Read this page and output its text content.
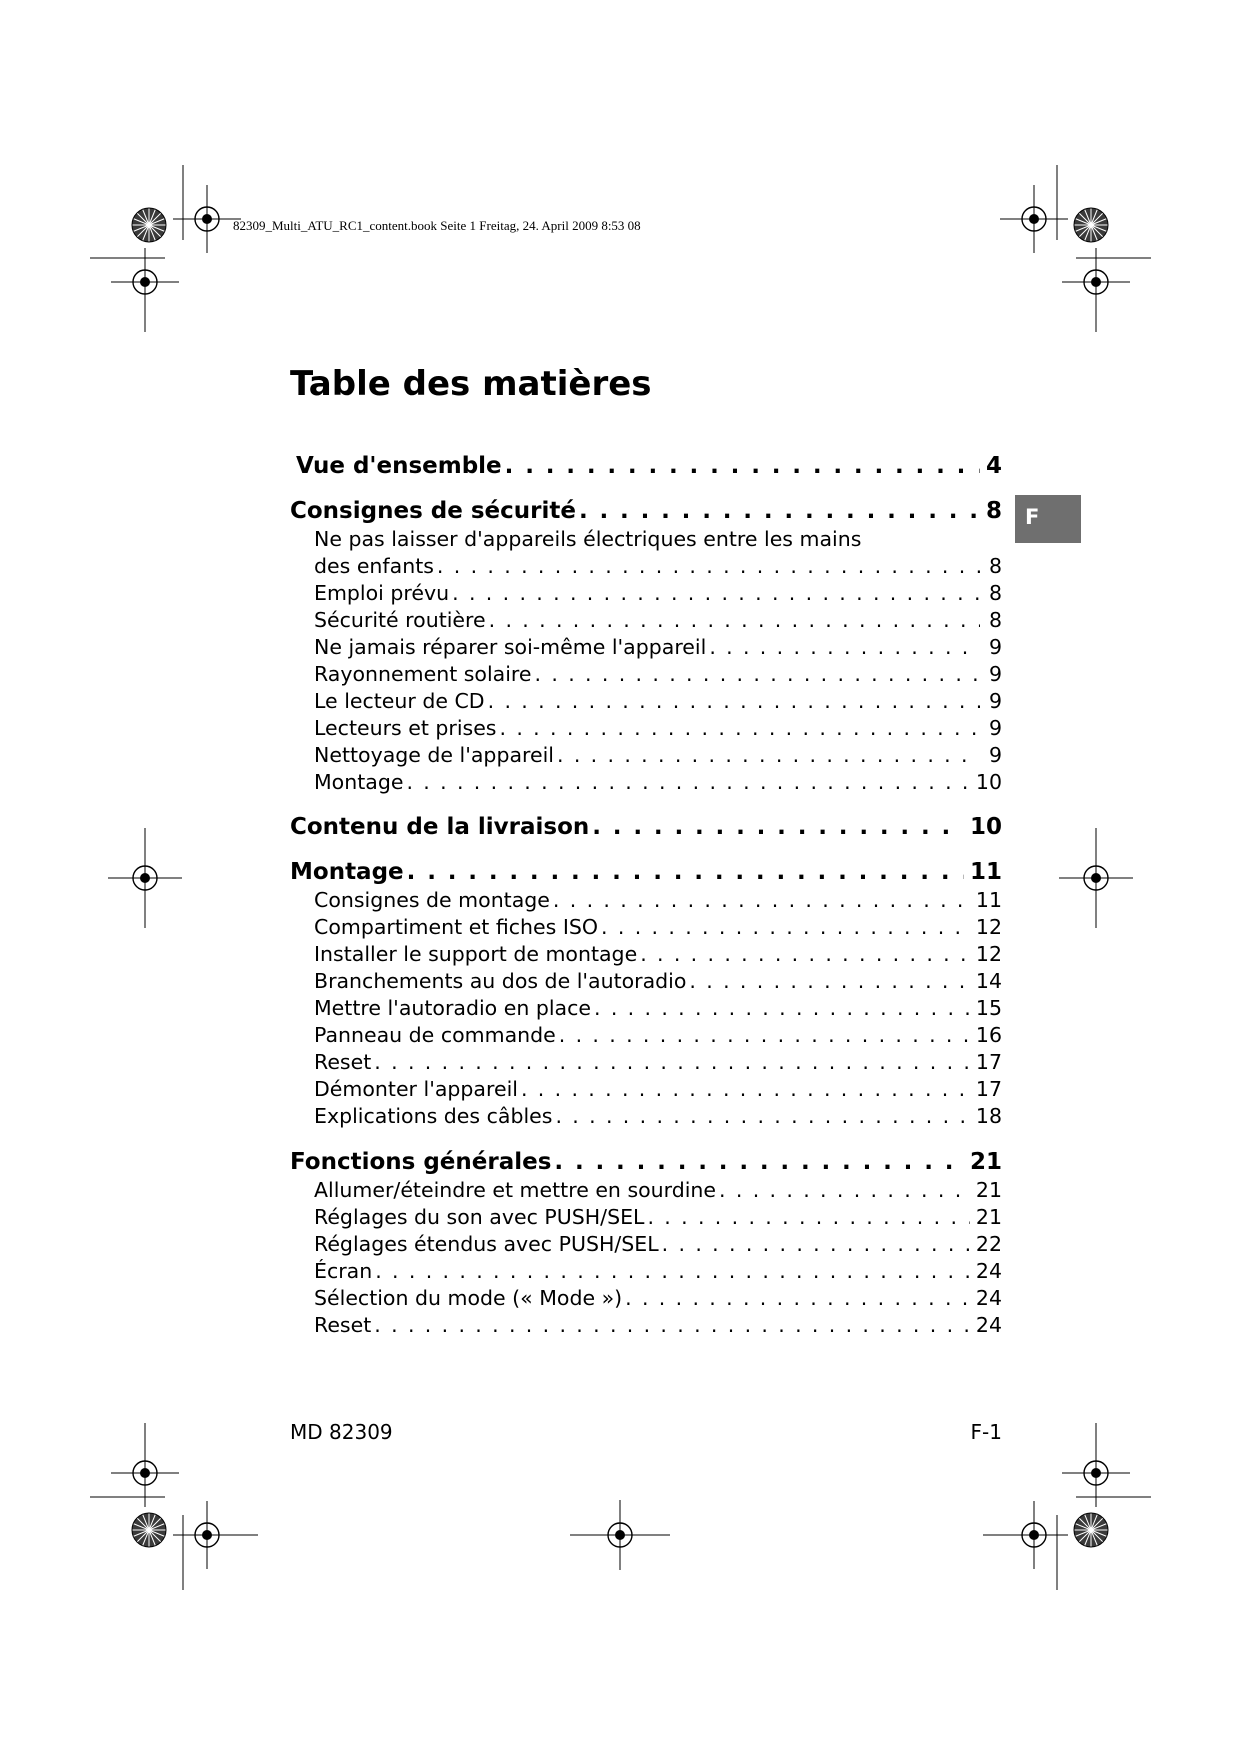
82309_Multi_ATU_RC1_content.book Seite 1 Freitag, 24. April 2009 8:53 08
Table des matières
F
Vue d'ensemble . . .	4
Consignes de sécurité . . .	8
Ne pas laisser d'appareils électriques entre les mains
des enfants . . .	8
Emploi prévu . . .	8
Sécurité routière . . .	8
Ne jamais réparer soi-même l'appareil . . .	9
Rayonnement solaire . . .	9
Le lecteur de CD . . .	9
Lecteurs et prises . . .	9
Nettoyage de l'appareil . . .	9
Montage . . .	10
Contenu de la livraison . . .	10
Montage . . .	11
Consignes de montage . . .	11
Compartiment et fiches ISO . . .	12
Installer le support de montage . . .	12
Branchements au dos de l'autoradio . . .	14
Mettre l'autoradio en place . . .	15
Panneau de commande . . .	16
Reset . . .	17
Démonter l'appareil . . .	17
Explications des câbles . . .	18
Fonctions générales . . .	21
Allumer/éteindre et mettre en sourdine . . .	21
Réglages du son avec PUSH/SEL . . .	21
Réglages étendus avec PUSH/SEL . . .	22
Écran . . .	24
Sélection du mode (« Mode ») . . .	24
Reset . . .	24
MD 82309	F-1
